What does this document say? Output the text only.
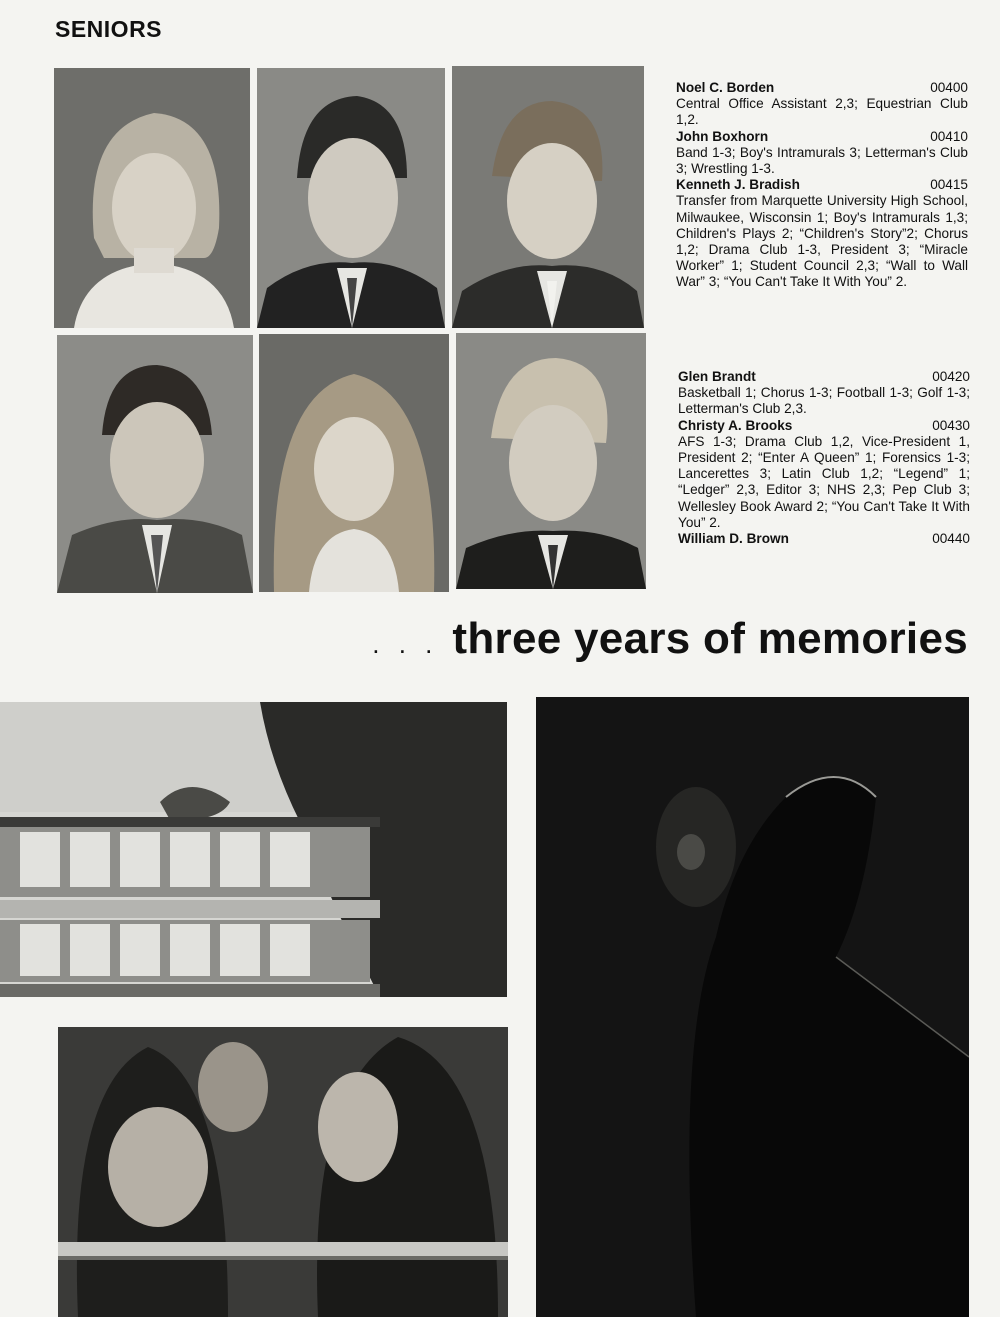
SENIORS
Noel C. Borden	00400
Central Office Assistant 2,3; Equestrian Club 1,2.
John Boxhorn	00410
Band 1-3; Boy's Intramurals 3; Letterman's Club 3; Wrestling 1-3.
Kenneth J. Bradish	00415
Transfer from Marquette University High School, Milwaukee, Wisconsin 1; Boy's Intramurals 1,3; Children's Plays 2; “Children's Story”2; Chorus 1,2; Drama Club 1-3, President 3; “Miracle Worker” 1; Student Council 2,3; “Wall to Wall War” 3; “You Can't Take It With You” 2.
Glen Brandt	00420
Basketball 1; Chorus 1-3; Football 1-3; Golf 1-3; Letterman's Club 2,3.
Christy A. Brooks	00430
AFS 1-3; Drama Club 1,2, Vice-President 1, President 2; “Enter A Queen” 1; Forensics 1-3; Lancerettes 3; Latin Club 1,2; “Legend” 1; “Ledger” 2,3, Editor 3; NHS 2,3; Pep Club 3; Wellesley Book Award 2; “You Can't Take It With You” 2.
William D. Brown	00440
. . . three years of memories
